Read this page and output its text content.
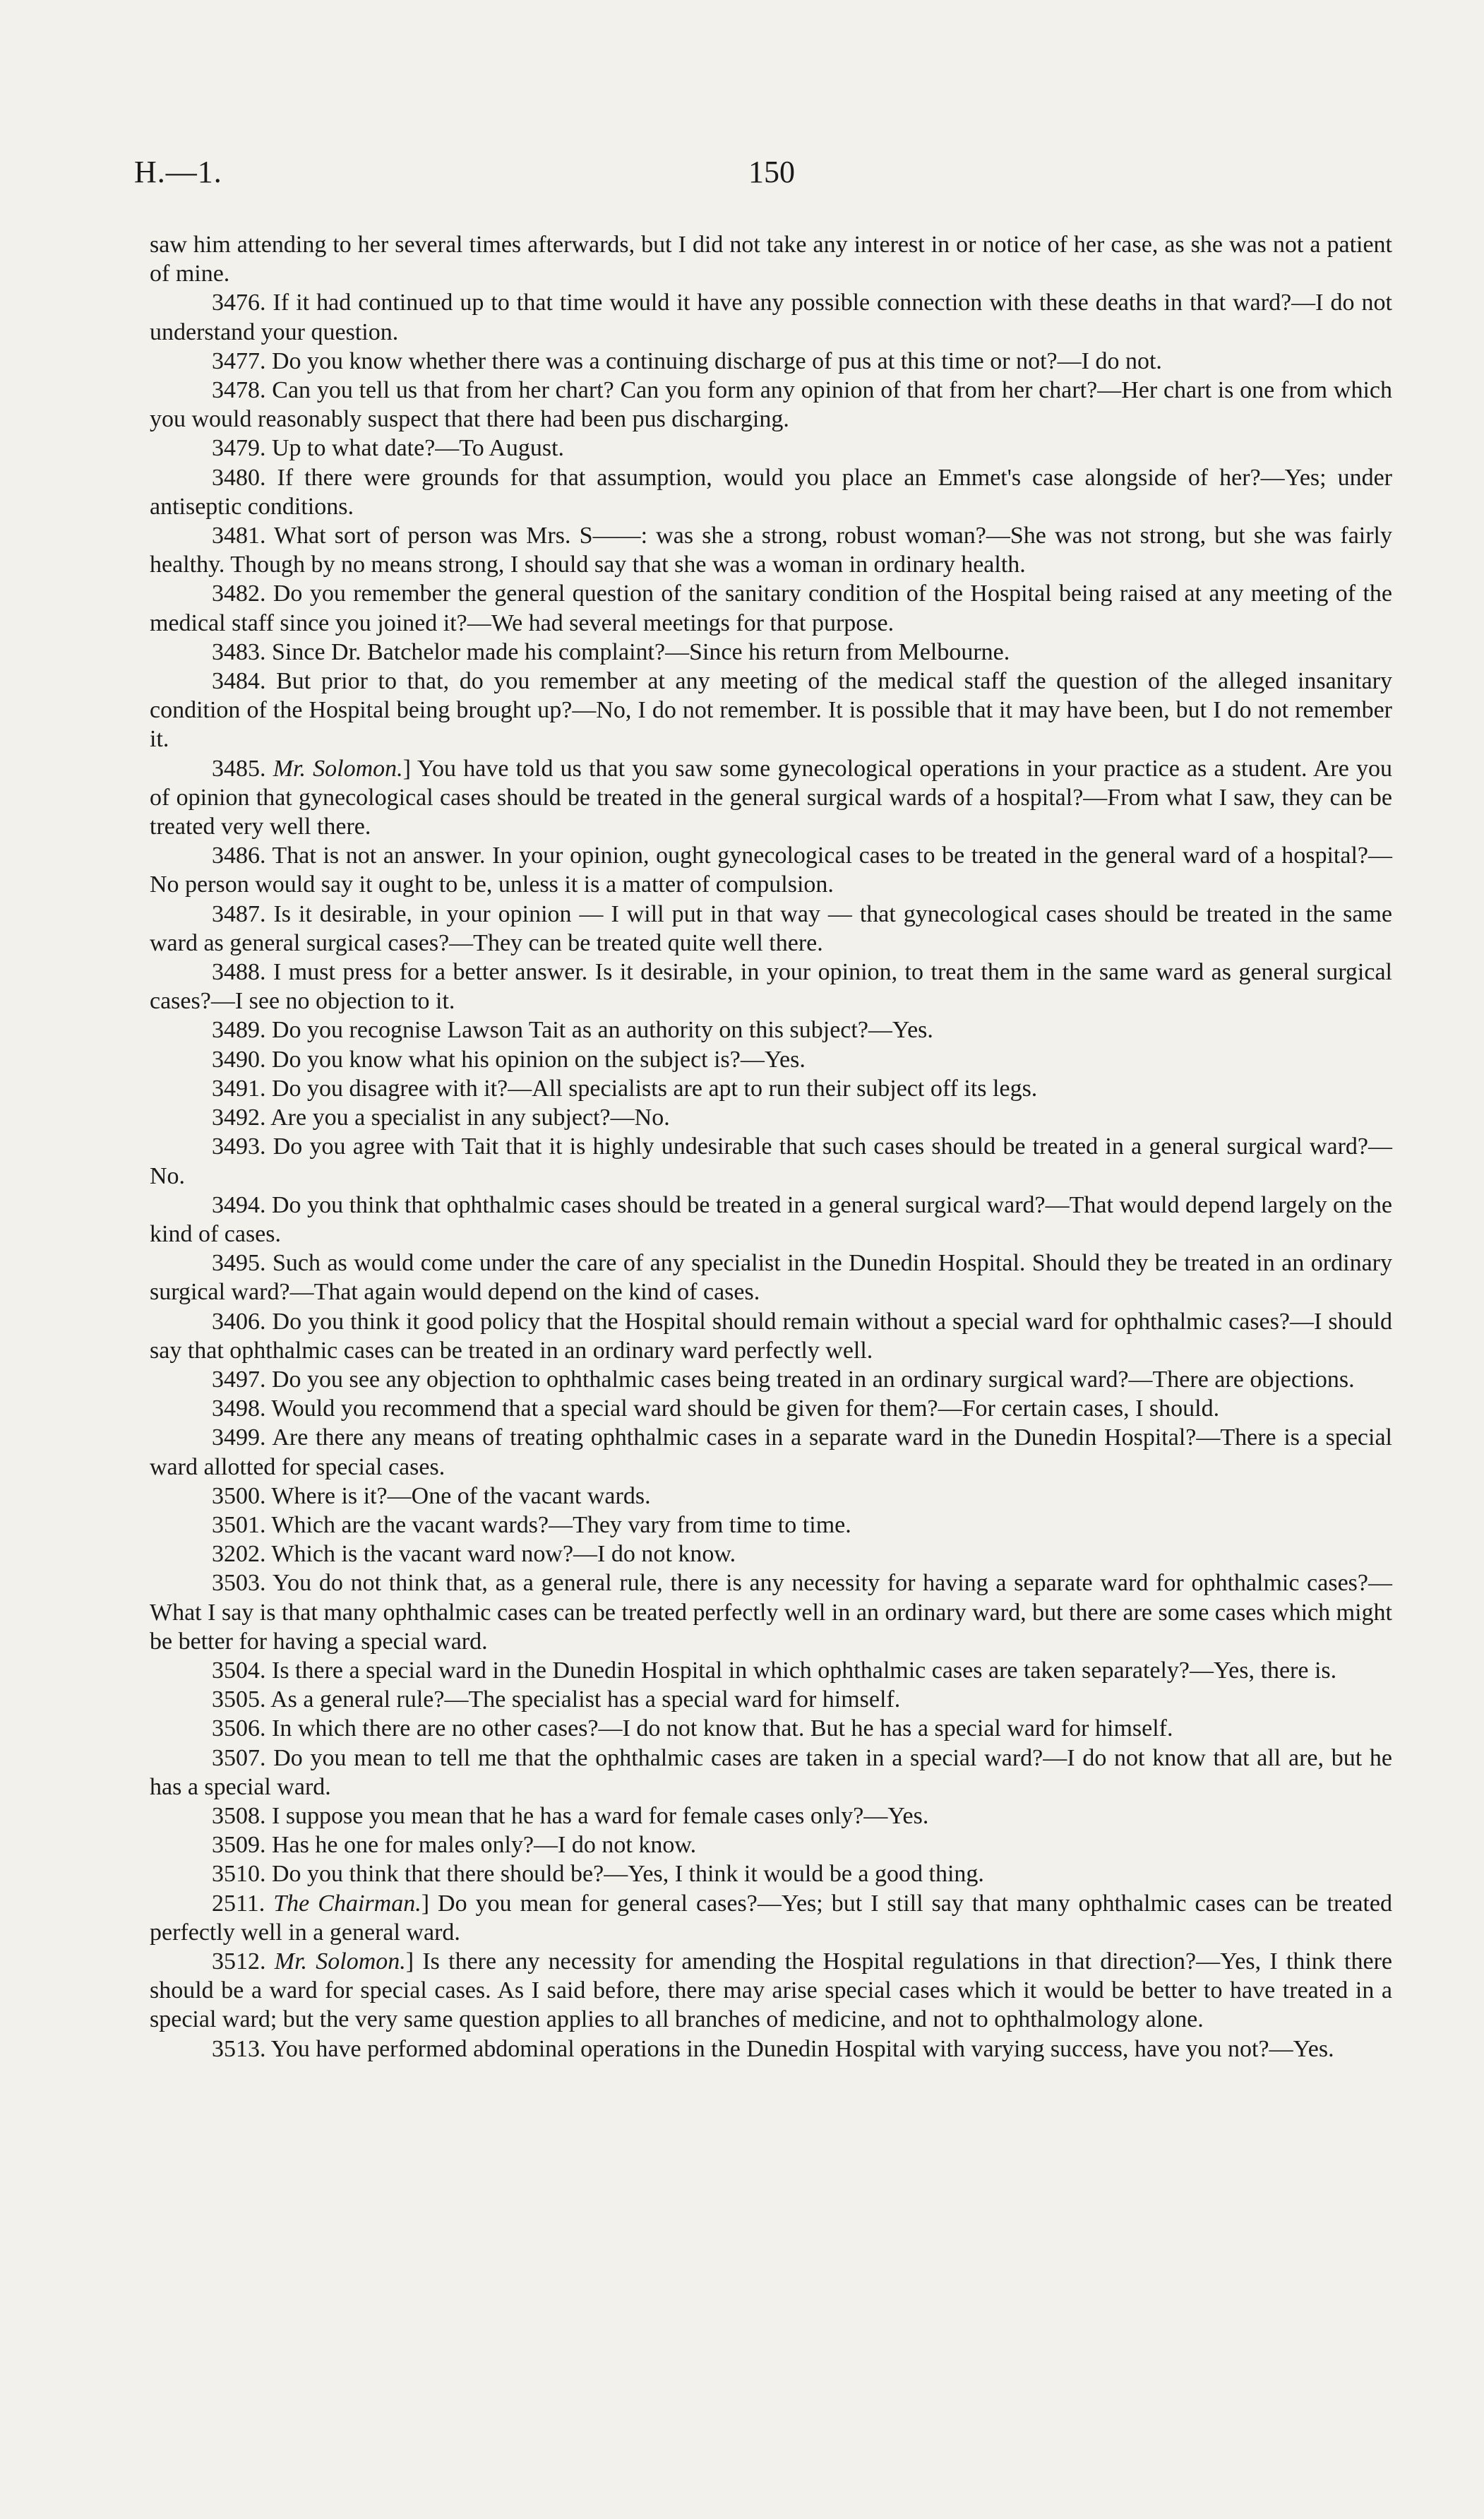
H.—1.	150

saw him attending to her several times afterwards, but I did not take any interest in or notice of her case, as she was not a patient of mine.

3476. If it had continued up to that time would it have any possible connection with these deaths in that ward?—I do not understand your question.

3477. Do you know whether there was a continuing discharge of pus at this time or not?—I do not.

3478. Can you tell us that from her chart? Can you form any opinion of that from her chart?—Her chart is one from which you would reasonably suspect that there had been pus discharging.

3479. Up to what date?—To August.

3480. If there were grounds for that assumption, would you place an Emmet's case alongside of her?—Yes; under antiseptic conditions.

3481. What sort of person was Mrs. S——: was she a strong, robust woman?—She was not strong, but she was fairly healthy. Though by no means strong, I should say that she was a woman in ordinary health.

3482. Do you remember the general question of the sanitary condition of the Hospital being raised at any meeting of the medical staff since you joined it?—We had several meetings for that purpose.

3483. Since Dr. Batchelor made his complaint?—Since his return from Melbourne.

3484. But prior to that, do you remember at any meeting of the medical staff the question of the alleged insanitary condition of the Hospital being brought up?—No, I do not remember. It is possible that it may have been, but I do not remember it.

3485. Mr. Solomon.] You have told us that you saw some gynecological operations in your practice as a student. Are you of opinion that gynecological cases should be treated in the general surgical wards of a hospital?—From what I saw, they can be treated very well there.

3486. That is not an answer. In your opinion, ought gynecological cases to be treated in the general ward of a hospital?—No person would say it ought to be, unless it is a matter of compulsion.

3487. Is it desirable, in your opinion — I will put in that way — that gynecological cases should be treated in the same ward as general surgical cases?—They can be treated quite well there.

3488. I must press for a better answer. Is it desirable, in your opinion, to treat them in the same ward as general surgical cases?—I see no objection to it.

3489. Do you recognise Lawson Tait as an authority on this subject?—Yes.

3490. Do you know what his opinion on the subject is?—Yes.

3491. Do you disagree with it?—All specialists are apt to run their subject off its legs.

3492. Are you a specialist in any subject?—No.

3493. Do you agree with Tait that it is highly undesirable that such cases should be treated in a general surgical ward?—No.

3494. Do you think that ophthalmic cases should be treated in a general surgical ward?—That would depend largely on the kind of cases.

3495. Such as would come under the care of any specialist in the Dunedin Hospital. Should they be treated in an ordinary surgical ward?—That again would depend on the kind of cases.

3406. Do you think it good policy that the Hospital should remain without a special ward for ophthalmic cases?—I should say that ophthalmic cases can be treated in an ordinary ward perfectly well.

3497. Do you see any objection to ophthalmic cases being treated in an ordinary surgical ward?—There are objections.

3498. Would you recommend that a special ward should be given for them?—For certain cases, I should.

3499. Are there any means of treating ophthalmic cases in a separate ward in the Dunedin Hospital?—There is a special ward allotted for special cases.

3500. Where is it?—One of the vacant wards.

3501. Which are the vacant wards?—They vary from time to time.

3202. Which is the vacant ward now?—I do not know.

3503. You do not think that, as a general rule, there is any necessity for having a separate ward for ophthalmic cases?—What I say is that many ophthalmic cases can be treated perfectly well in an ordinary ward, but there are some cases which might be better for having a special ward.

3504. Is there a special ward in the Dunedin Hospital in which ophthalmic cases are taken separately?—Yes, there is.

3505. As a general rule?—The specialist has a special ward for himself.

3506. In which there are no other cases?—I do not know that. But he has a special ward for himself.

3507. Do you mean to tell me that the ophthalmic cases are taken in a special ward?—I do not know that all are, but he has a special ward.

3508. I suppose you mean that he has a ward for female cases only?—Yes.

3509. Has he one for males only?—I do not know.

3510. Do you think that there should be?—Yes, I think it would be a good thing.

2511. The Chairman.] Do you mean for general cases?—Yes; but I still say that many ophthalmic cases can be treated perfectly well in a general ward.

3512. Mr. Solomon.] Is there any necessity for amending the Hospital regulations in that direction?—Yes, I think there should be a ward for special cases. As I said before, there may arise special cases which it would be better to have treated in a special ward; but the very same question applies to all branches of medicine, and not to ophthalmology alone.

3513. You have performed abdominal operations in the Dunedin Hospital with varying success, have you not?—Yes.
